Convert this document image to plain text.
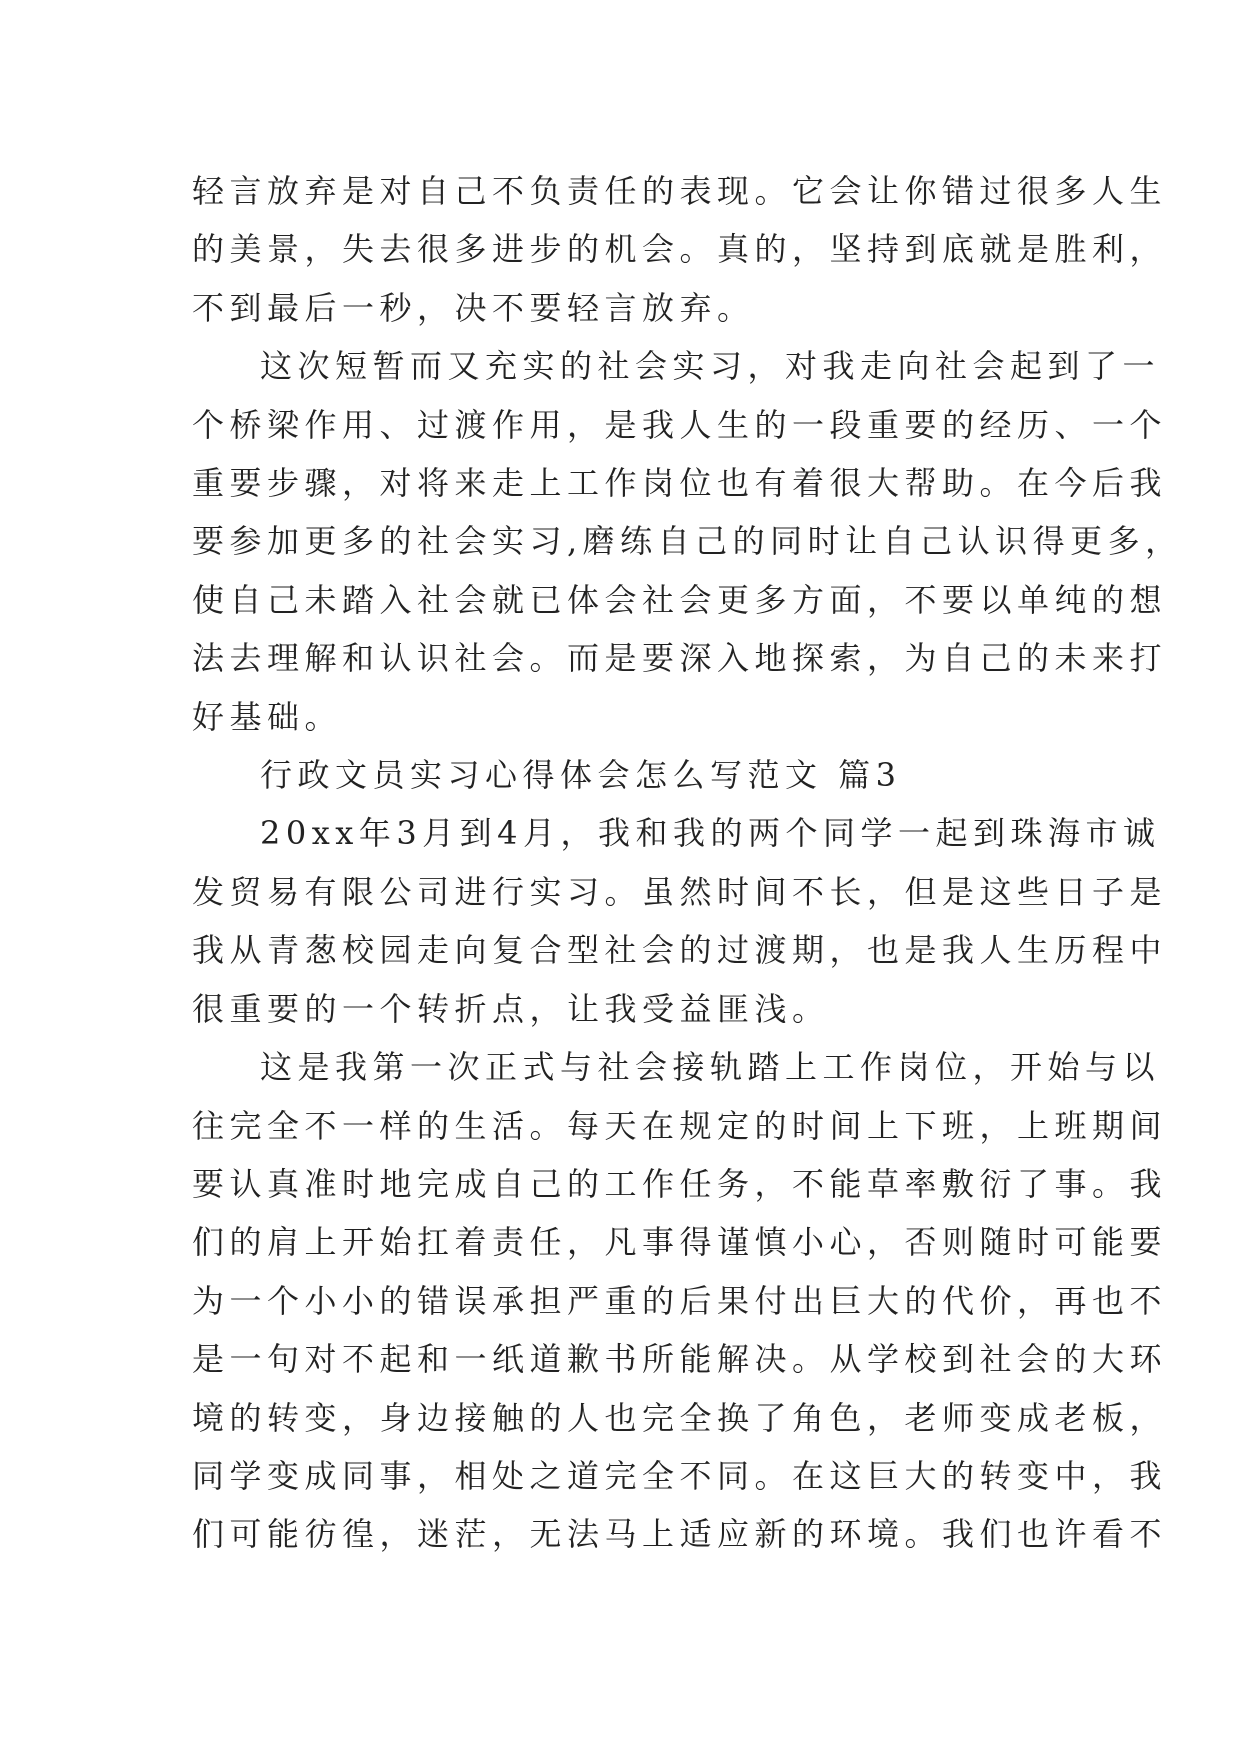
轻言放弃是对自己不负责任的表现。它会让你错过很多人生
的美景，失去很多进步的机会。真的，坚持到底就是胜利，
不到最后一秒，决不要轻言放弃。

这次短暂而又充实的社会实习，对我走向社会起到了一
个桥梁作用、过渡作用，是我人生的一段重要的经历、一个
重要步骤，对将来走上工作岗位也有着很大帮助。在今后我
要参加更多的社会实习,磨练自己的同时让自己认识得更多，
使自己未踏入社会就已体会社会更多方面，不要以单纯的想
法去理解和认识社会。而是要深入地探索，为自己的未来打
好基础。

行政文员实习心得体会怎么写范文 篇3

20xx年3月到4月，我和我的两个同学一起到珠海市诚
发贸易有限公司进行实习。虽然时间不长，但是这些日子是
我从青葱校园走向复合型社会的过渡期，也是我人生历程中
很重要的一个转折点，让我受益匪浅。

这是我第一次正式与社会接轨踏上工作岗位，开始与以
往完全不一样的生活。每天在规定的时间上下班，上班期间
要认真准时地完成自己的工作任务，不能草率敷衍了事。我
们的肩上开始扛着责任，凡事得谨慎小心，否则随时可能要
为一个小小的错误承担严重的后果付出巨大的代价，再也不
是一句对不起和一纸道歉书所能解决。从学校到社会的大环
境的转变，身边接触的人也完全换了角色，老师变成老板，
同学变成同事，相处之道完全不同。在这巨大的转变中，我
们可能彷徨，迷茫，无法马上适应新的环境。我们也许看不
